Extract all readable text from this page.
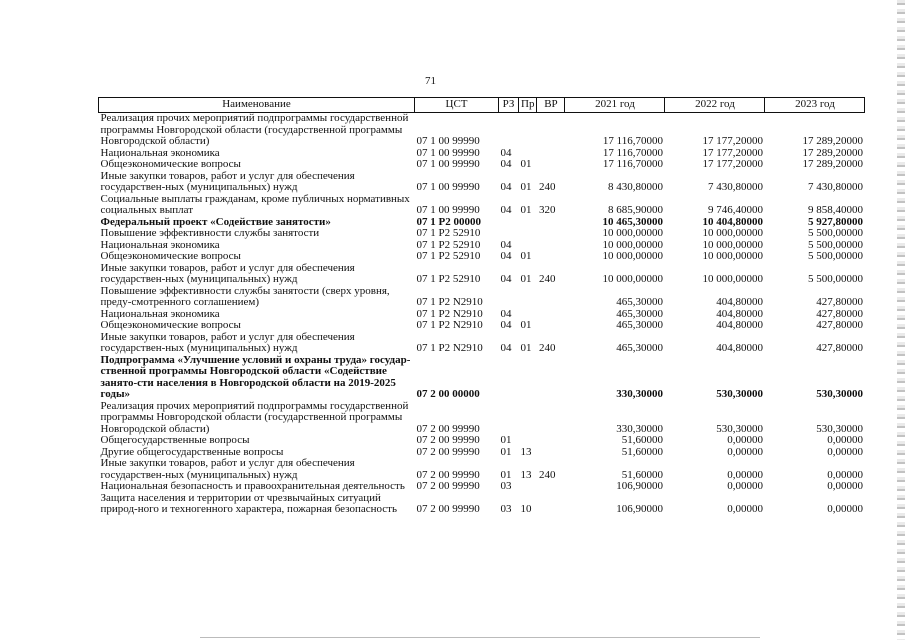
71
Наименование	ЦСТ	РЗ	Пр	ВР	2021 год	2022 год	2023 год
Реализация прочих мероприятий подпрограммы государственной программы Новгородской области (государственной программы Новгородской области)	07 1 00 99990				17 116,70000	17 177,20000	17 289,20000
Национальная экономика	07 1 00 99990	04			17 116,70000	17 177,20000	17 289,20000
Общеэкономические вопросы	07 1 00 99990	04	01		17 116,70000	17 177,20000	17 289,20000
Иные закупки товаров, работ и услуг для обеспечения государствен-ных (муниципальных) нужд	07 1 00 99990	04	01	240	8 430,80000	7 430,80000	7 430,80000
Социальные выплаты гражданам, кроме публичных нормативных социальных выплат	07 1 00 99990	04	01	320	8 685,90000	9 746,40000	9 858,40000
Федеральный проект «Содействие занятости»	07 1 P2 00000				10 465,30000	10 404,80000	5 927,80000
Повышение эффективности службы занятости	07 1 P2 52910				10 000,00000	10 000,00000	5 500,00000
Национальная экономика	07 1 P2 52910	04			10 000,00000	10 000,00000	5 500,00000
Общеэкономические вопросы	07 1 P2 52910	04	01		10 000,00000	10 000,00000	5 500,00000
Иные закупки товаров, работ и услуг для обеспечения государствен-ных (муниципальных) нужд	07 1 P2 52910	04	01	240	10 000,00000	10 000,00000	5 500,00000
Повышение эффективности службы занятости (сверх уровня, преду-смотренного соглашением)	07 1 P2 N2910				465,30000	404,80000	427,80000
Национальная экономика	07 1 P2 N2910	04			465,30000	404,80000	427,80000
Общеэкономические вопросы	07 1 P2 N2910	04	01		465,30000	404,80000	427,80000
Иные закупки товаров, работ и услуг для обеспечения государствен-ных (муниципальных) нужд	07 1 P2 N2910	04	01	240	465,30000	404,80000	427,80000
Подпрограмма «Улучшение условий и охраны труда» государ-ственной программы Новгородской области «Содействие занято-сти населения в Новгородской области на 2019-2025 годы»	07 2 00 00000				330,30000	530,30000	530,30000
Реализация прочих мероприятий подпрограммы государственной программы Новгородской области (государственной программы Новгородской области)	07 2 00 99990				330,30000	530,30000	530,30000
Общегосударственные вопросы	07 2 00 99990	01			51,60000	0,00000	0,00000
Другие общегосударственные вопросы	07 2 00 99990	01	13		51,60000	0,00000	0,00000
Иные закупки товаров, работ и услуг для обеспечения государствен-ных (муниципальных) нужд	07 2 00 99990	01	13	240	51,60000	0,00000	0,00000
Национальная безопасность и правоохранительная деятельность	07 2 00 99990	03			106,90000	0,00000	0,00000
Защита населения и территории от чрезвычайных ситуаций природ-ного и техногенного характера, пожарная безопасность	07 2 00 99990	03	10		106,90000	0,00000	0,00000
